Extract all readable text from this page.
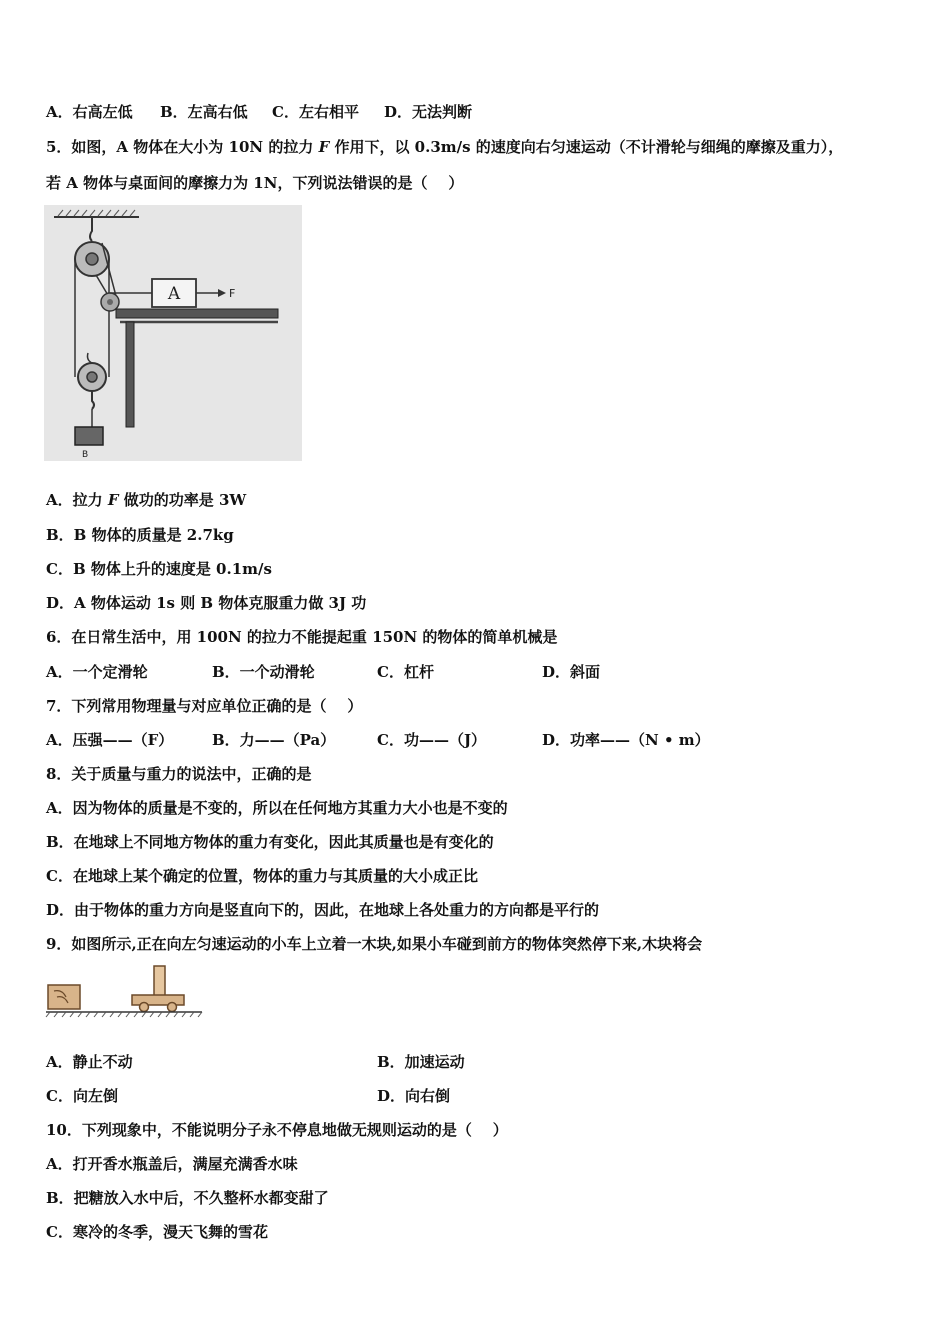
A．右高左低 B．左高右低 C．左右相平 D．无法判断
5．如图，A 物体在大小为 10N 的拉力 F 作用下，以 0.3m/s 的速度向右匀速运动（不计滑轮与细绳的摩擦及重力），
若 A 物体与桌面间的摩擦力为 1N，下列说法错误的是（    ）
A	F
B
A．拉力 F 做功的功率是 3W
B．B 物体的质量是 2.7kg
C．B 物体上升的速度是 0.1m/s
D．A 物体运动 1s 则 B 物体克服重力做 3J 功
6．在日常生活中，用 100N 的拉力不能提起重 150N 的物体的简单机械是
A．一个定滑轮	B．一个动滑轮	C．杠杆	D．斜面
7．下列常用物理量与对应单位正确的是（    ）
A．压强——（F）	B．力——（Pa）	C．功——（J）	D．功率——（N • m）
8．关于质量与重力的说法中，正确的是
A．因为物体的质量是不变的，所以在任何地方其重力大小也是不变的
B．在地球上不同地方物体的重力有变化，因此其质量也是有变化的
C．在地球上某个确定的位置，物体的重力与其质量的大小成正比
D．由于物体的重力方向是竖直向下的，因此，在地球上各处重力的方向都是平行的
9．如图所示,正在向左匀速运动的小车上立着一木块,如果小车碰到前方的物体突然停下来,木块将会
A．静止不动	B．加速运动
C．向左倒	D．向右倒
10．下列现象中，不能说明分子永不停息地做无规则运动的是（    ）
A．打开香水瓶盖后，满屋充满香水味
B．把糖放入水中后，不久整杯水都变甜了
C．寒冷的冬季，漫天飞舞的雪花
